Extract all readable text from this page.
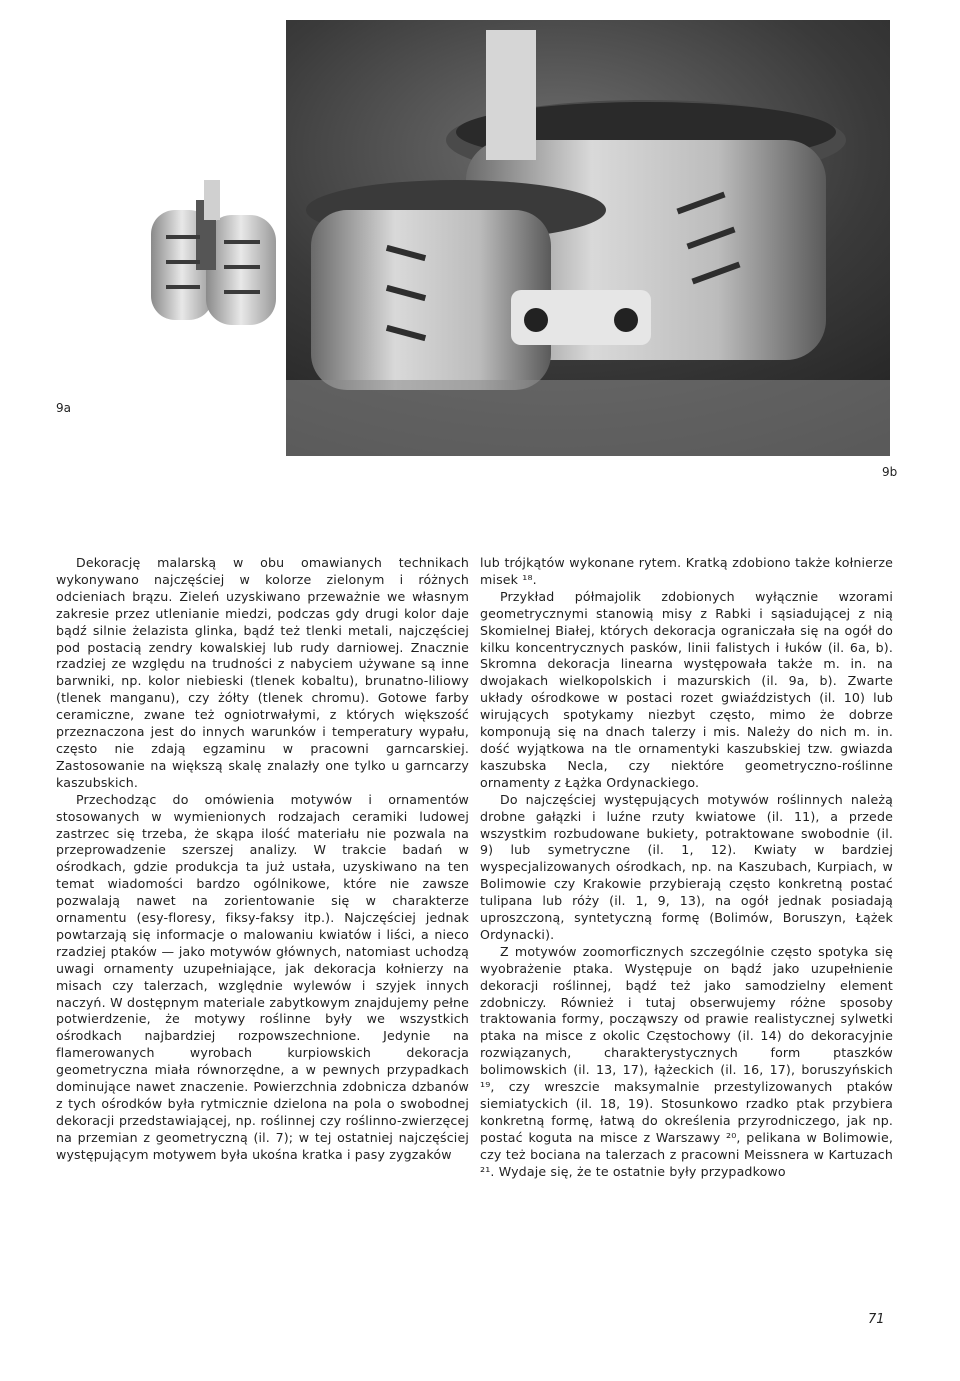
9a
9b

Dekorację malarską w obu omawianych technikach wykonywano najczęściej w kolorze zielonym i różnych odcieniach brązu. Zieleń uzyskiwano przeważnie we własnym zakresie przez utlenianie miedzi, podczas gdy drugi kolor daje bądź silnie żelazista glinka, bądź też tlenki metali, najczęściej pod postacią zendry kowalskiej lub rudy darniowej. Znacznie rzadziej ze względu na trudności z nabyciem używane są inne barwniki, np. kolor niebieski (tlenek kobaltu), brunatno-liliowy (tlenek manganu), czy żółty (tlenek chromu). Gotowe farby ceramiczne, zwane też ogniotrwałymi, z których większość przeznaczona jest do innych warunków i temperatury wypału, często nie zdają egzaminu w pracowni garncarskiej. Zastosowanie na większą skalę znalazły one tylko u garncarzy kaszubskich.

Przechodząc do omówienia motywów i ornamentów stosowanych w wymienionych rodzajach ceramiki ludowej zastrzec się trzeba, że skąpa ilość materiału nie pozwala na przeprowadzenie szerszej analizy. W trakcie badań w ośrodkach, gdzie produkcja ta już ustała, uzyskiwano na ten temat wiadomości bardzo ogólnikowe, które nie zawsze pozwalają nawet na zorientowanie się w charakterze ornamentu (esy-floresy, fiksy-faksy itp.). Najczęściej jednak powtarzają się informacje o malowaniu kwiatów i liści, a nieco rzadziej ptaków — jako motywów głównych, natomiast uchodzą uwagi ornamenty uzupełniające, jak dekoracja kołnierzy na misach czy talerzach, względnie wylewów i szyjek innych naczyń. W dostępnym materiale zabytkowym znajdujemy pełne potwierdzenie, że motywy roślinne były we wszystkich ośrodkach najbardziej rozpowszechnione. Jedynie na flamerowanych wyrobach kurpiowskich dekoracja geometryczna miała równorzędne, a w pewnych przypadkach dominujące nawet znaczenie. Powierzchnia zdobnicza dzbanów z tych ośrodków była rytmicznie dzielona na pola o swobodnej dekoracji przedstawiającej, np. roślinnej czy roślinno-zwierzęcej na przemian z geometryczną (il. 7); w tej ostatniej najczęściej występującym motywem była ukośna kratka i pasy zygzaków

lub trójkątów wykonane rytem. Kratką zdobiono także kołnierze misek ¹⁸.

Przykład półmajolik zdobionych wyłącznie wzorami geometrycznymi stanowią misy z Rabki i sąsiadującej z nią Skomielnej Białej, których dekoracja ograniczała się na ogół do kilku koncentrycznych pasków, linii falistych i łuków (il. 6a, b). Skromna dekoracja linearna występowała także m. in. na dwojakach wielkopolskich i mazurskich (il. 9a, b). Zwarte układy ośrodkowe w postaci rozet gwiaździstych (il. 10) lub wirujących spotykamy niezbyt często, mimo że dobrze komponują się na dnach talerzy i mis. Należy do nich m. in. dość wyjątkowa na tle ornamentyki kaszubskiej tzw. gwiazda kaszubska Necla, czy niektóre geometryczno-roślinne ornamenty z Łążka Ordynackiego.

Do najczęściej występujących motywów roślinnych należą drobne gałązki i luźne rzuty kwiatowe (il. 11), a przede wszystkim rozbudowane bukiety, potraktowane swobodnie (il. 9) lub symetryczne (il. 1, 12). Kwiaty w bardziej wyspecjalizowanych ośrodkach, np. na Kaszubach, Kurpiach, w Bolimowie czy Krakowie przybierają często konkretną postać tulipana lub róży (il. 1, 9, 13), na ogół jednak posiadają uproszczoną, syntetyczną formę (Bolimów, Boruszyn, Łążek Ordynacki).

Z motywów zoomorficznych szczególnie często spotyka się wyobrażenie ptaka. Występuje on bądź jako uzupełnienie dekoracji roślinnej, bądź też jako samodzielny element zdobniczy. Również i tutaj obserwujemy różne sposoby traktowania formy, począwszy od prawie realistycznej sylwetki ptaka na misce z okolic Częstochowy (il. 14) do dekoracyjnie rozwiązanych, charakterystycznych form ptaszków bolimowskich (il. 13, 17), łążeckich (il. 16, 17), boruszyńskich ¹⁹, czy wreszcie maksymalnie przestylizowanych ptaków siemiatyckich (il. 18, 19). Stosunkowo rzadko ptak przybiera konkretną formę, łatwą do określenia przyrodniczego, jak np. postać koguta na misce z Warszawy ²⁰, pelikana w Bolimowie, czy też bociana na talerzach z pracowni Meissnera w Kartuzach ²¹. Wydaje się, że te ostatnie były przypadkowo

71
